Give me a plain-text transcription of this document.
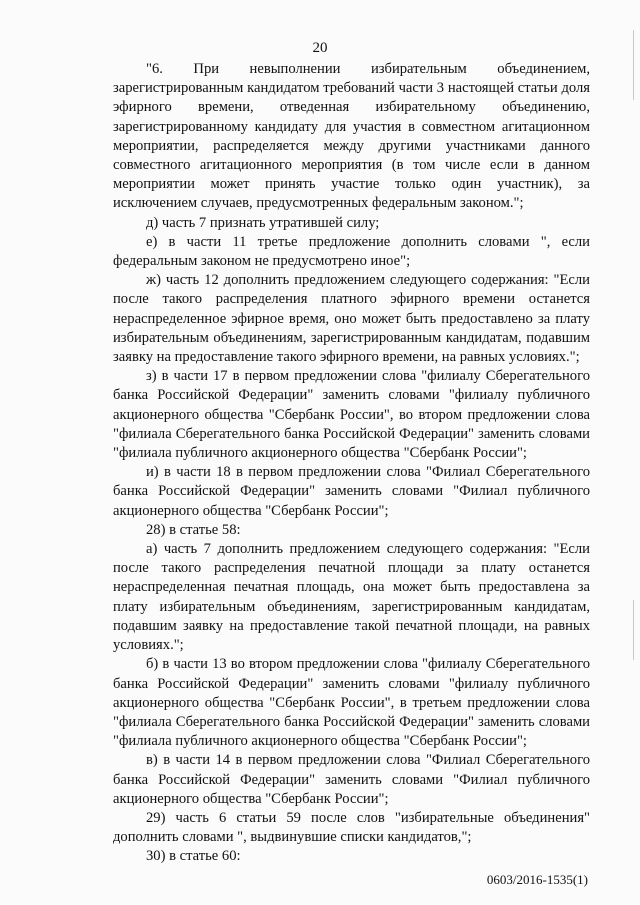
20

"6. При невыполнении избирательным объединением, зарегистрированным кандидатом требований части 3 настоящей статьи доля эфирного времени, отведенная избирательному объединению, зарегистрированному кандидату для участия в совместном агитационном мероприятии, распределяется между другими участниками данного совместного агитационного мероприятия (в том числе если в данном мероприятии может принять участие только один участник), за исключением случаев, предусмотренных федеральным законом.";

д) часть 7 признать утратившей силу;

е) в части 11 третье предложение дополнить словами ", если федеральным законом не предусмотрено иное";

ж) часть 12 дополнить предложением следующего содержания: "Если после такого распределения платного эфирного времени останется нераспределенное эфирное время, оно может быть предоставлено за плату избирательным объединениям, зарегистрированным кандидатам, подавшим заявку на предоставление такого эфирного времени, на равных условиях.";

з) в части 17 в первом предложении слова "филиалу Сберегательного банка Российской Федерации" заменить словами "филиалу публичного акционерного общества "Сбербанк России", во втором предложении слова "филиала Сберегательного банка Российской Федерации" заменить словами "филиала публичного акционерного общества "Сбербанк России";

и) в части 18 в первом предложении слова "Филиал Сберегательного банка Российской Федерации" заменить словами "Филиал публичного акционерного общества "Сбербанк России";

28) в статье 58:

а) часть 7 дополнить предложением следующего содержания: "Если после такого распределения печатной площади за плату останется нераспределенная печатная площадь, она может быть предоставлена за плату избирательным объединениям, зарегистрированным кандидатам, подавшим заявку на предоставление такой печатной площади, на равных условиях.";

б) в части 13 во втором предложении слова "филиалу Сберегательного банка Российской Федерации" заменить словами "филиалу публичного акционерного общества "Сбербанк России", в третьем предложении слова "филиала Сберегательного банка Российской Федерации" заменить словами "филиала публичного акционерного общества "Сбербанк России";

в) в части 14 в первом предложении слова "Филиал Сберегательного банка Российской Федерации" заменить словами "Филиал публичного акционерного общества "Сбербанк России";

29) часть 6 статьи 59 после слов "избирательные объединения" дополнить словами ", выдвинувшие списки кандидатов,";

30) в статье 60:

0603/2016-1535(1)
